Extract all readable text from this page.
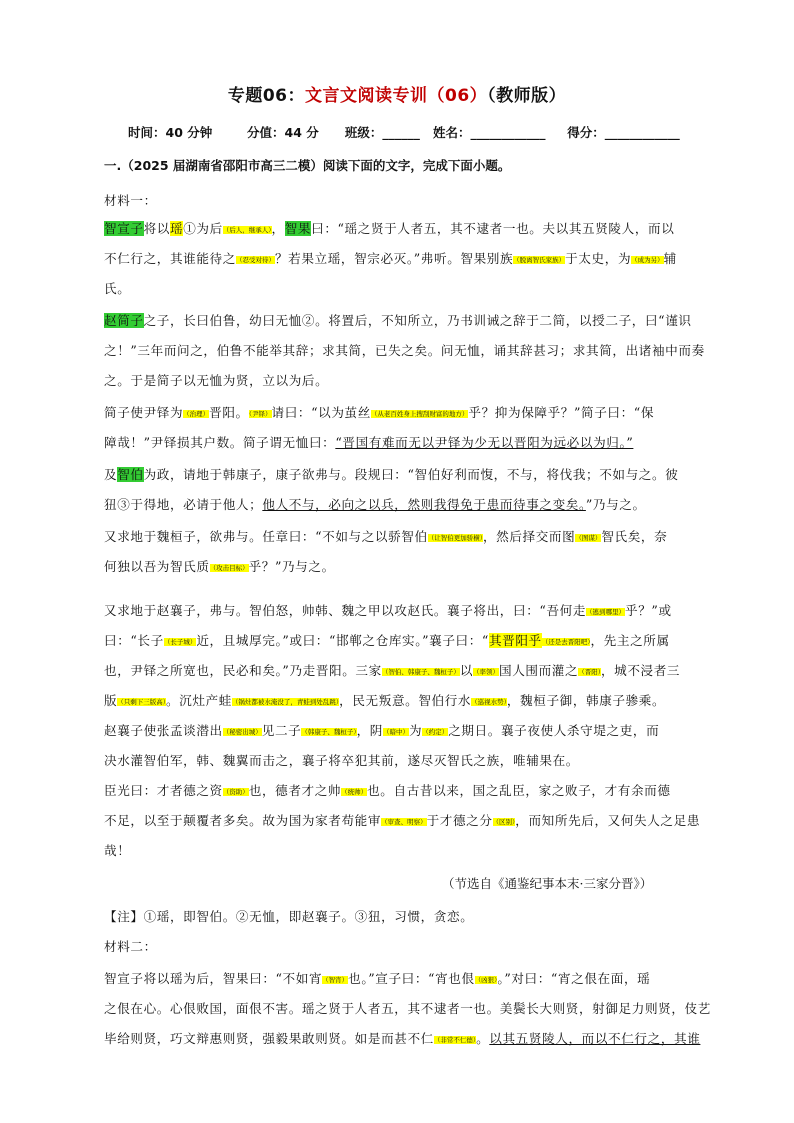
专题06：文言文阅读专训（06）（教师版）
时间：40 分钟        分值：44 分      班级：______   姓名：____________     得分：____________
一.（2025 届湖南省邵阳市高三二模）阅读下面的文字，完成下面小题。
材料一：
智宣子将以瑶①为后（后人，继承人），智果曰：“瑶之贤于人者五，其不逮者一也。夫以其五贤陵人，而以
不仁行之，其谁能待之（忍受对待）？若果立瑶，智宗必灭。”弗听。智果别族（脱离智氏家族）于太史，为（成为另）辅
氏。
赵简子之子，长曰伯鲁，幼曰无恤②。将置后，不知所立，乃书训诫之辞于二简，以授二子，曰“谨识
之！”三年而问之，伯鲁不能举其辞；求其简，已失之矣。问无恤，诵其辞甚习；求其简，出诸袖中而奏
之。于是简子以无恤为贤，立以为后。
简子使尹铎为（治理）晋阳。（尹铎）请曰：“以为茧丝（从老百姓身上搜刮财富的地方）乎？抑为保障乎？”简子曰：“保
障哉！”尹铎损其户数。简子谓无恤曰：“晋国有难而无以尹铎为少无以晋阳为远必以为归。”
及智伯为政，请地于韩康子，康子欲弗与。段规曰：“智伯好利而愎，不与，将伐我；不如与之。彼
狃③于得地，必请于他人；他人不与，必向之以兵，然则我得免于患而待事之变矣。”乃与之。
又求地于魏桓子，欲弗与。任章曰：“不如与之以骄智伯（让智伯更加骄横），然后择交而图（图谋）智氏矣，奈
何独以吾为智氏质（攻击目标）乎？”乃与之。
又求地于赵襄子，弗与。智伯怒，帅韩、魏之甲以攻赵氏。襄子将出，曰：“吾何走（逃到哪里）乎？”或
曰：“长子（长子城）近，且城厚完。”或曰：“邯郸之仓库实。”襄子曰：“其晋阳乎（还是去晋阳吧），先主之所属
也，尹铎之所宽也，民必和矣。”乃走晋阳。三家（智伯、韩康子、魏桓子）以（率领）国人围而灌之（晋阳），城不浸者三
版（只剩下三版高）。沉灶产蛙（锅灶都被水淹没了，青蛙到处乱跳），民无叛意。智伯行水（巡视水势），魏桓子御，韩康子骖乘。
赵襄子使张孟谈潜出（秘密出城）见二子（韩康子、魏桓子），阴（暗中）为（约定）之期日。襄子夜使人杀守堤之吏，而
决水灌智伯军，韩、魏翼而击之，襄子将卒犯其前，遂尽灭智氏之族，唯辅果在。
臣光曰：才者德之资（资助）也，德者才之帅（统帅）也。自古昔以来，国之乱臣，家之败子，才有余而德
不足，以至于颠覆者多矣。故为国为家者苟能审（审查、明察）于才德之分（区别），而知所先后，又何失人之足患
哉！
（节选自《通鉴纪事本末·三家分晋》）
【注】①瑶，即智伯。②无恤，即赵襄子。③狃，习惯，贪恋。
材料二：
智宣子将以瑶为后，智果曰：“不如宵（智宵）也。”宣子曰：“宵也佷（凶狠）。”对曰：“宵之佷在面，瑶
之佷在心。心佷败国，面佷不害。瑶之贤于人者五，其不逮者一也。美鬓长大则贤，射御足力则贤，伎艺
毕给则贤，巧文辩惠则贤，强毅果敢则贤。如是而甚不仁（非常不仁德）。以其五贤陵人，而以不仁行之，其谁
